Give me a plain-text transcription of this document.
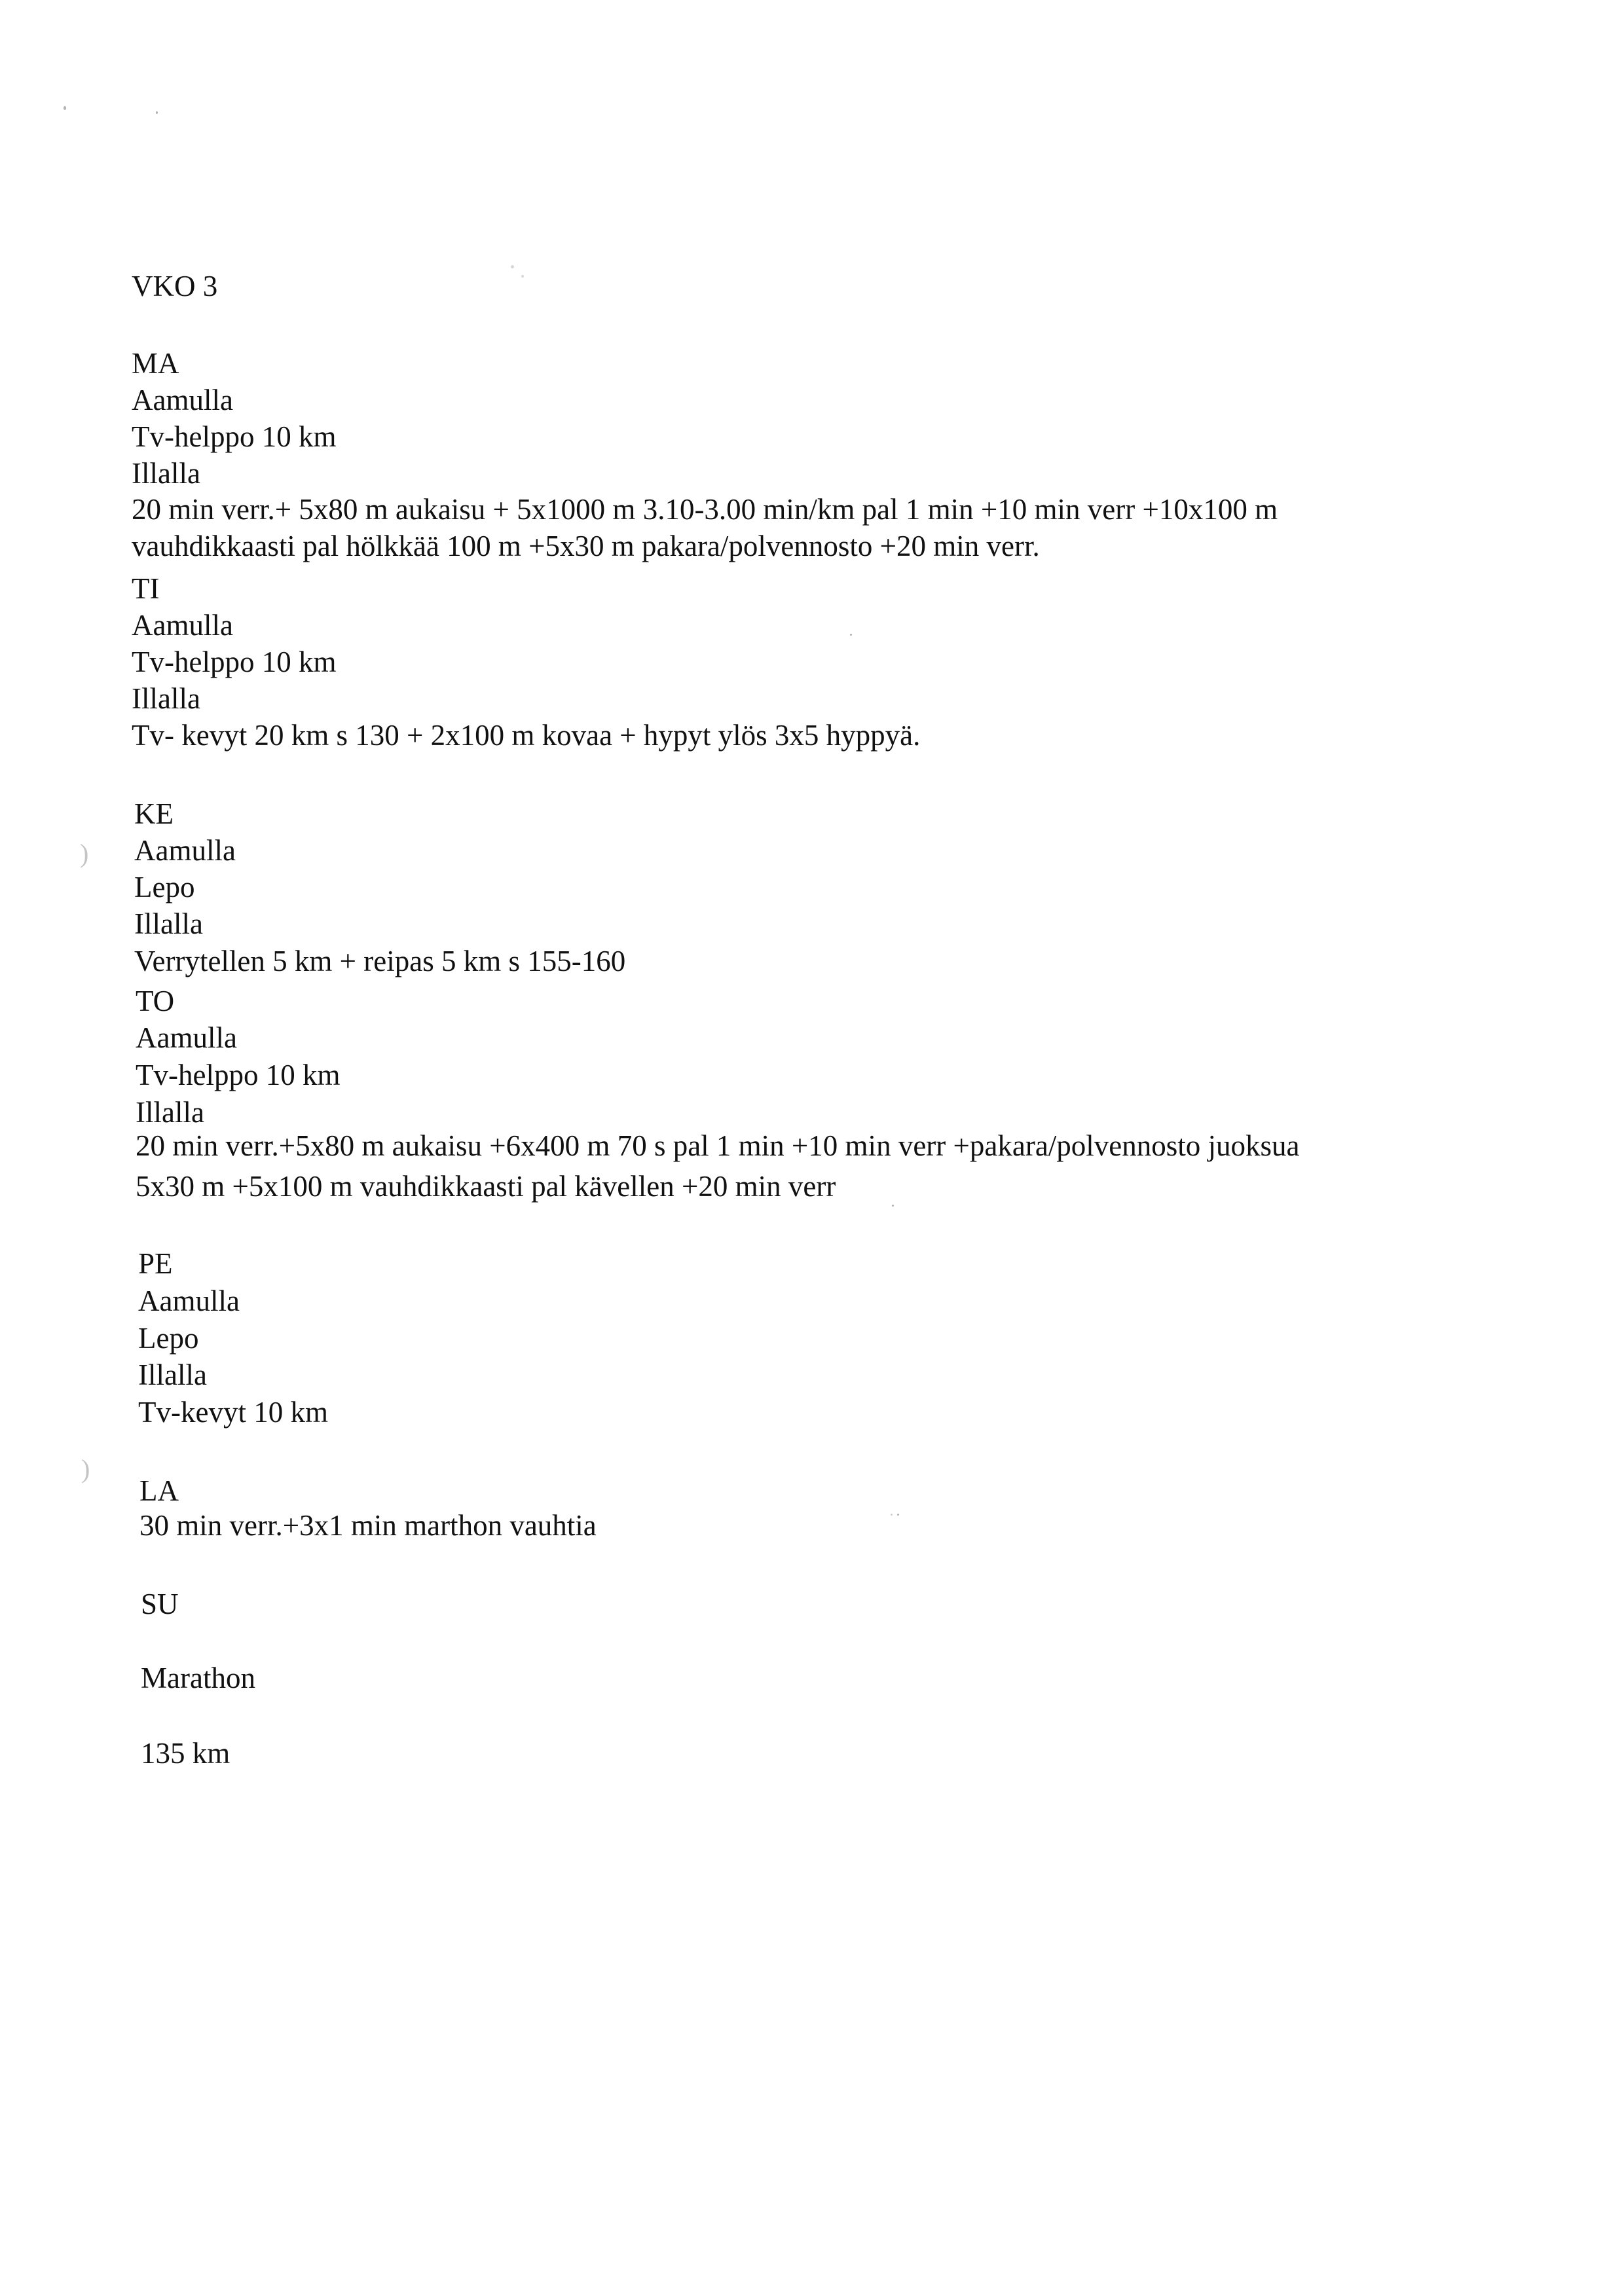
)
)

VKO 3

MA

Aamulla

Tv-helppo 10 km

Illalla

20 min verr.+ 5x80 m aukaisu + 5x1000 m 3.10-3.00 min/km pal 1 min +10 min verr +10x100 m

vauhdikkaasti pal hölkkää 100 m +5x30 m pakara/polvennosto +20 min verr.

TI

Aamulla

Tv-helppo 10 km

Illalla

Tv- kevyt 20 km s 130 + 2x100 m kovaa + hypyt ylös 3x5 hyppyä.

KE

Aamulla

Lepo

Illalla

Verrytellen 5 km + reipas 5 km s 155-160

TO

Aamulla

Tv-helppo 10 km

Illalla

20 min verr.+5x80 m aukaisu +6x400 m 70 s pal 1 min +10 min verr +pakara/polvennosto juoksua

5x30 m +5x100 m vauhdikkaasti pal kävellen +20 min verr

PE

Aamulla

Lepo

Illalla

Tv-kevyt 10 km

LA

30 min verr.+3x1 min marthon vauhtia

SU

Marathon

135 km
